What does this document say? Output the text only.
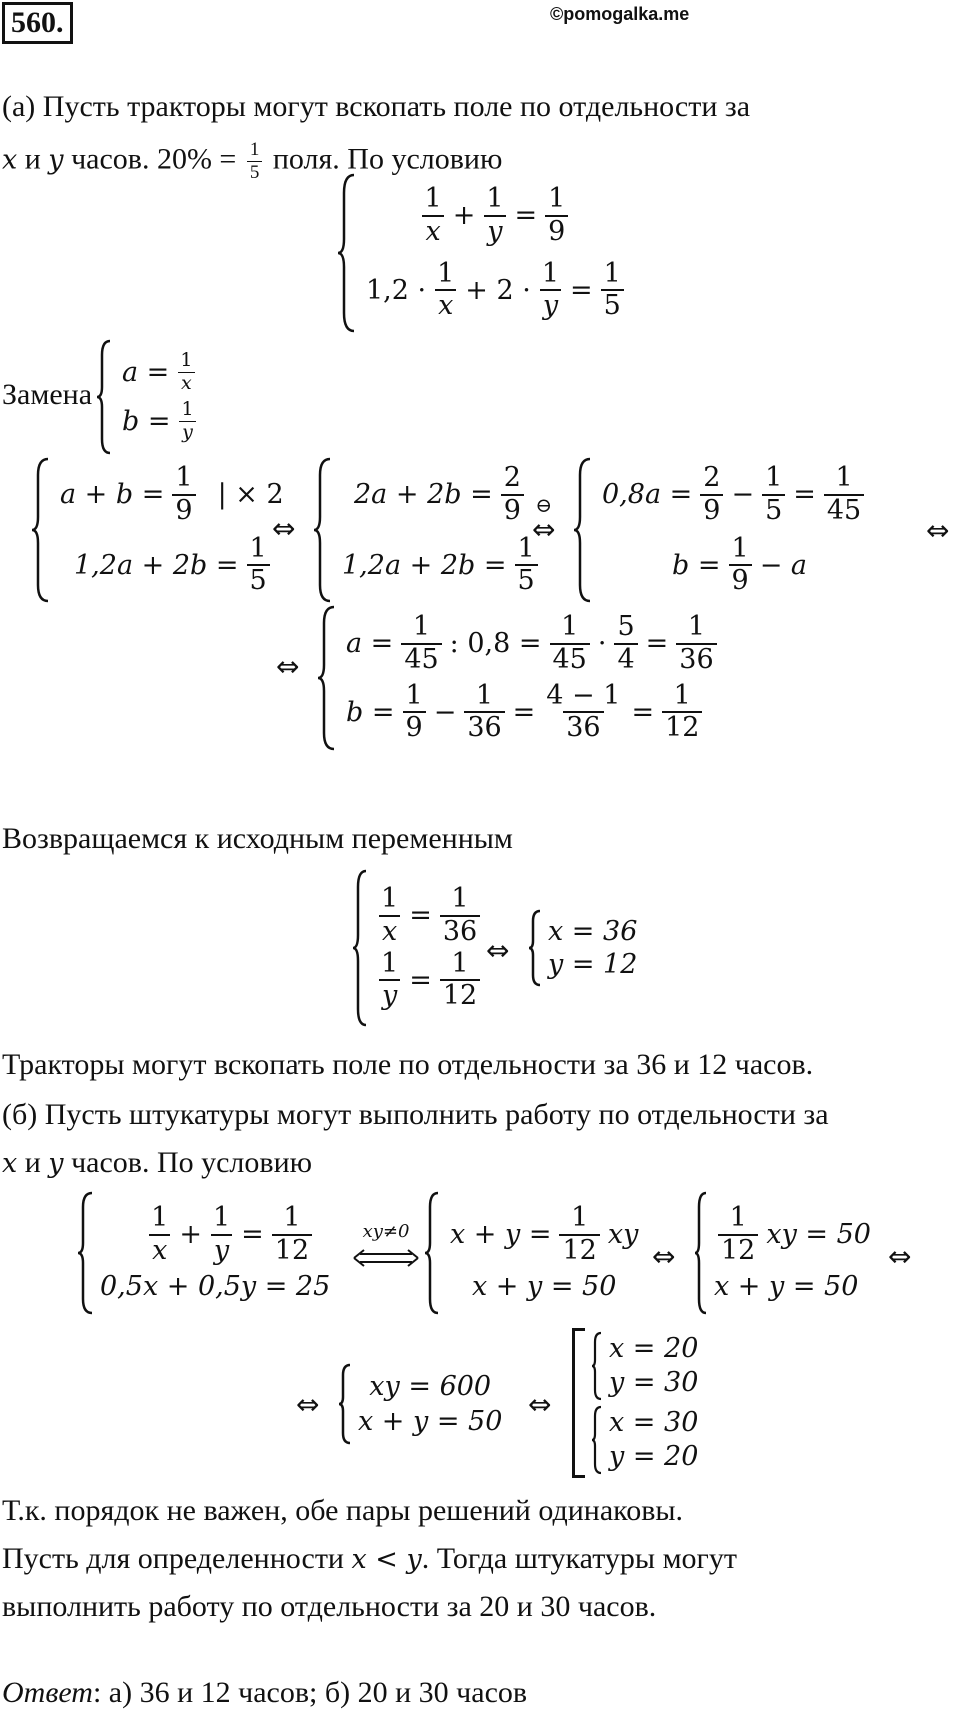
560.	©pomogalka.me
(а) Пусть тракторы могут вскопать поле по отдельности за
x и y часов. $20\% = \frac{1}{5}$ поля. По условию
$\frac{1}{x} + \frac{1}{y} = \frac{1}{9}$
$1,2 \cdot \frac{1}{x} + 2 \cdot \frac{1}{y} = \frac{1}{5}$
Замена
$a = \frac{1}{x}$
$b = \frac{1}{y}$
$a + b = \frac{1}{9}$ | × 2
$1,2a + 2b = \frac{1}{5}$
⇔
$2a + 2b = \frac{2}{9}$
$1,2a + 2b = \frac{1}{5}$
⊖
⇔
$0,8a = \frac{2}{9} - \frac{1}{5} = \frac{1}{45}$
$b = \frac{1}{9} - a$
⇔
⇔
$a = \frac{1}{45}$ : $0,8 = \frac{1}{45} \cdot \frac{5}{4} = \frac{1}{36}$
$b = \frac{1}{9} - \frac{1}{36} = \frac{4 - 1}{36} = \frac{1}{12}$
Возвращаемся к исходным переменным
$\frac{1}{x} = \frac{1}{36}$
$\frac{1}{y} = \frac{1}{12}$ ⇔
x = 36
y = 12
Тракторы могут вскопать поле по отдельности за 36 и 12 часов.
(б) Пусть штукатуры могут выполнить работу по отдельности за
x и y часов. По условию
$\frac{1}{x} + \frac{1}{y} = \frac{1}{12}$
0,5x + 0,5y = 25
xy≠0	$x + y = \frac{1}{12}$ xy
x + y = 50
⇔ $\frac{1}{12}$ xy = 50
x + y = 50
⇔
⇔
xy = 600
x + y = 50
⇔
x = 20
y = 30
x = 30
y = 20
Т.к. порядок не важен, обе пары решений одинаковы.
Пусть для определенности x < y. Тогда штукатуры могут
выполнить работу по отдельности за 20 и 30 часов.
Ответ: а) 36 и 12 часов; б) 20 и 30 часов
